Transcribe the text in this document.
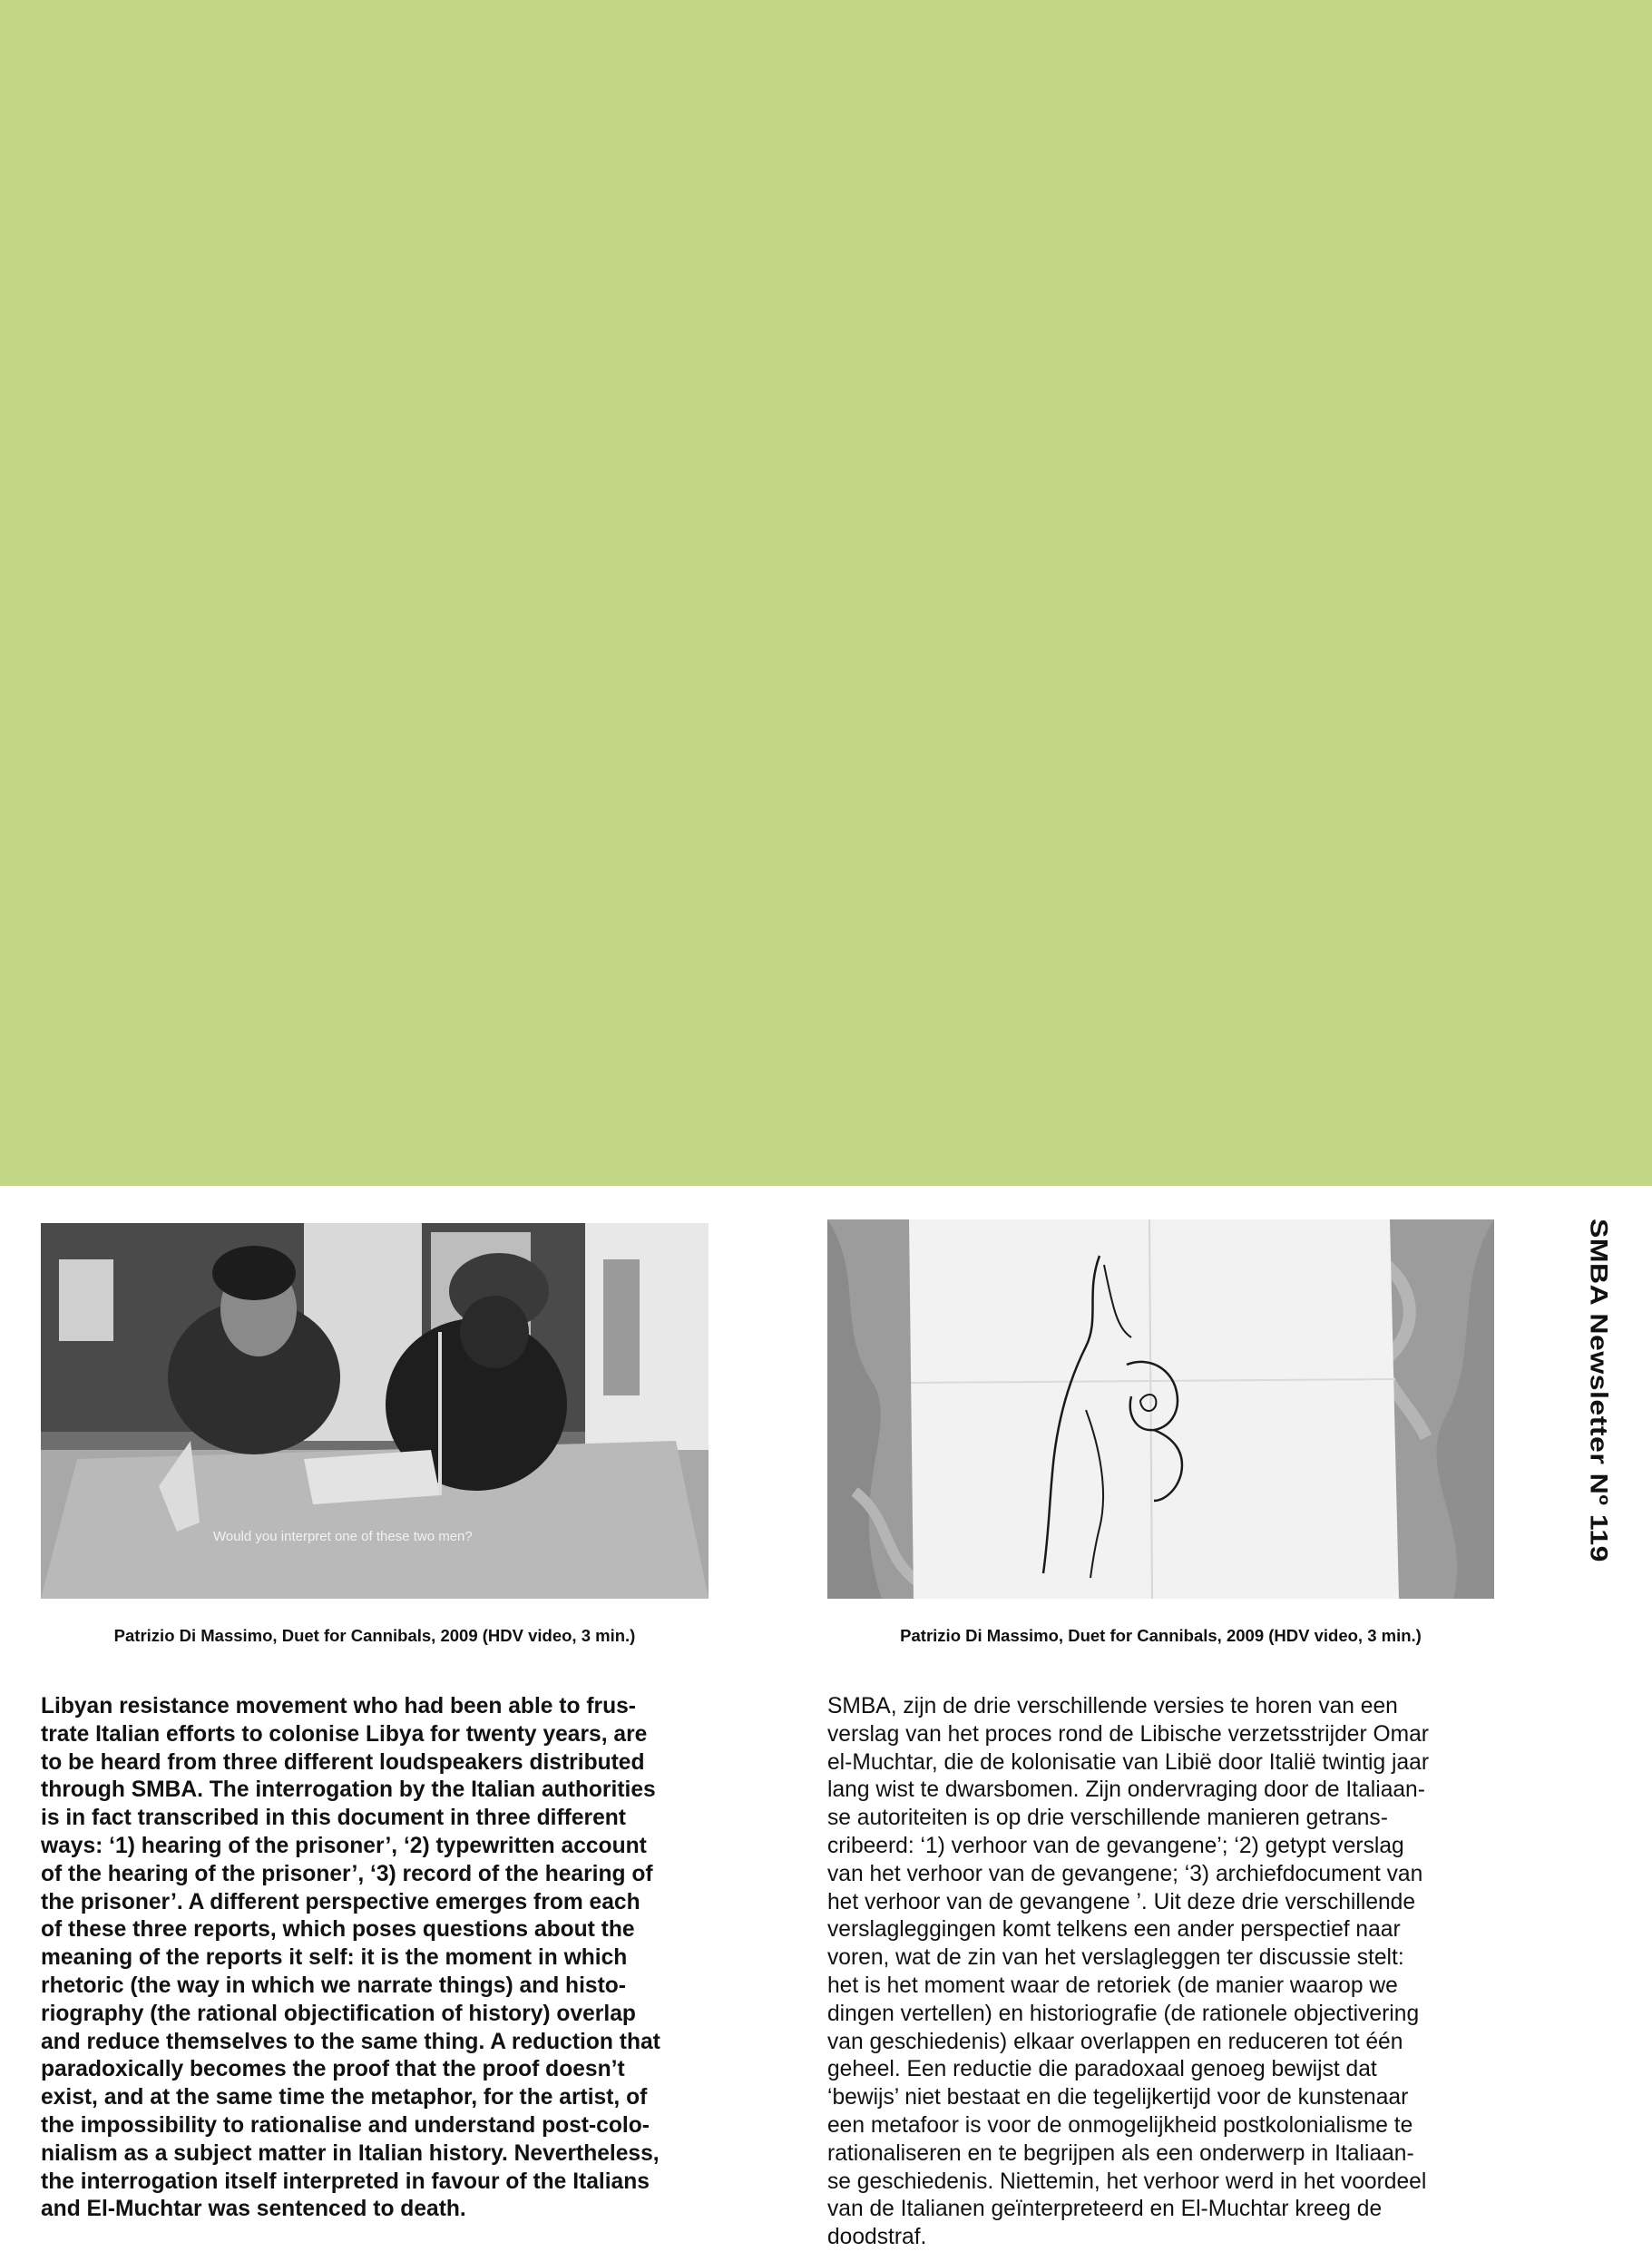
Would you interpret one of these two men?
Patrizio Di Massimo, Duet for Cannibals, 2009 (HDV video, 3 min.)	Patrizio Di Massimo, Duet for Cannibals, 2009 (HDV video, 3 min.)
Libyan resistance movement who had been able to frus-
trate Italian efforts to colonise Libya for twenty years, are
to be heard from three different loudspeakers distributed
through SMBA. The interrogation by the Italian authorities
is in fact transcribed in this document in three different
ways: ‘1) hearing of the prisoner’, ‘2) typewritten account
of the hearing of the prisoner’, ‘3) record of the hearing of
the prisoner’. A different perspective emerges from each
of these three reports, which poses questions about the
meaning of the reports it self: it is the moment in which
rhetoric (the way in which we narrate things) and histo-
riography (the rational objectification of history) overlap
and reduce themselves to the same thing. A reduction that
paradoxically becomes the proof that the proof doesn’t
exist, and at the same time the metaphor, for the artist, of
the impossibility to rationalise and understand post-colo-
nialism as a subject matter in Italian history. Nevertheless,
the interrogation itself interpreted in favour of the Italians
and El-Muchtar was sentenced to death.
SMBA, zijn de drie verschillende versies te horen van een
verslag van het proces rond de Libische verzetsstrijder Omar
el-Muchtar, die de kolonisatie van Libië door Italië twintig jaar
lang wist te dwarsbomen. Zijn ondervraging door de Italiaan-
se autoriteiten is op drie verschillende manieren getrans-
cribeerd: ‘1) verhoor van de gevangene’; ‘2) getypt verslag
van het verhoor van de gevangene; ‘3) archiefdocument van
het verhoor van de gevangene ’. Uit deze drie verschillende
verslagleggingen komt telkens een ander perspectief naar
voren, wat de zin van het verslagleggen ter discussie stelt:
het is het moment waar de retoriek (de manier waarop we
dingen vertellen) en historiografie (de rationele objectivering
van geschiedenis) elkaar overlappen en reduceren tot één
geheel. Een reductie die paradoxaal genoeg bewijst dat
‘bewijs’ niet bestaat en die tegelijkertijd voor de kunstenaar
een metafoor is voor de onmogelijkheid postkolonialisme te
rationaliseren en te begrijpen als een onderwerp in Italiaan-
se geschiedenis. Niettemin, het verhoor werd in het voordeel
van de Italianen geïnterpreteerd en El-Muchtar kreeg de
doodstraf.
SMBA Newsletter Nº 119
